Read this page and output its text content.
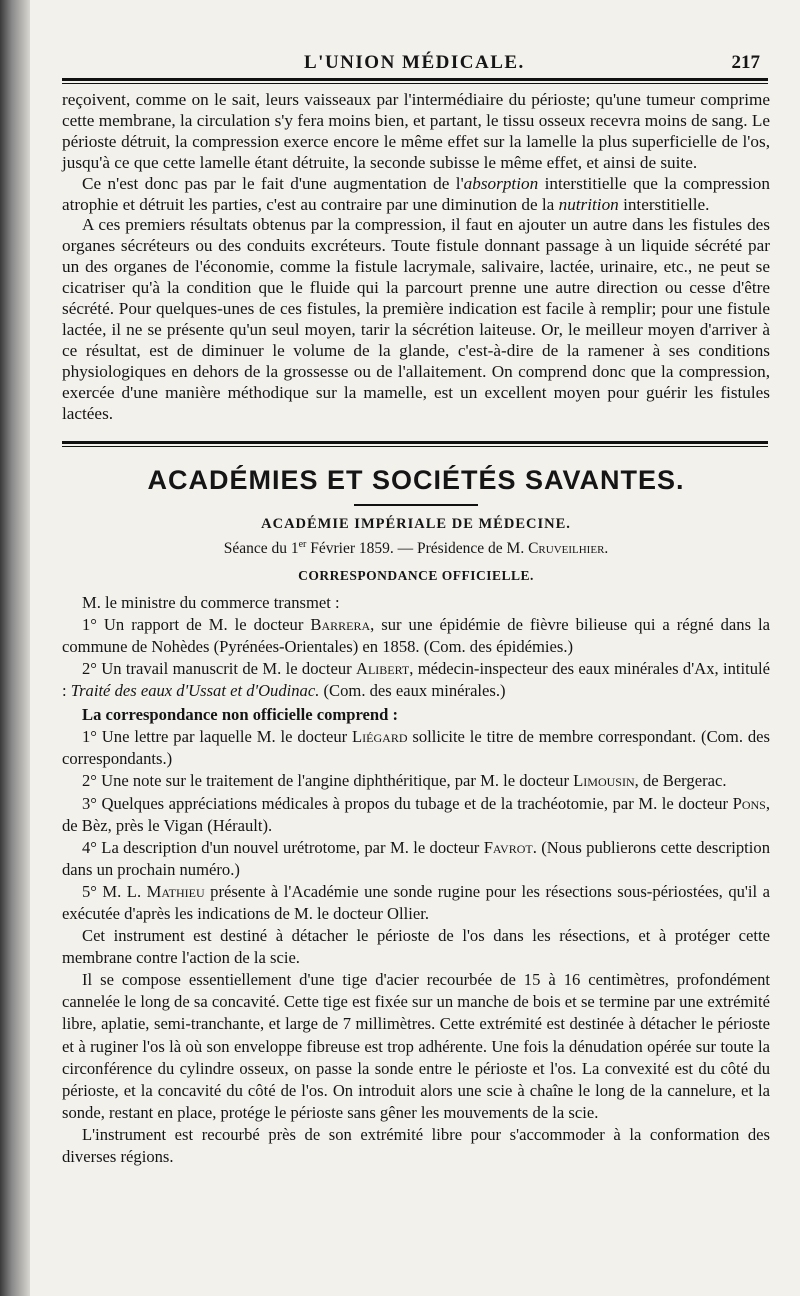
L'UNION MÉDICALE.	217

reçoivent, comme on le sait, leurs vaisseaux par l'intermédiaire du périoste; qu'une tumeur comprime cette membrane, la circulation s'y fera moins bien, et partant, le tissu osseux recevra moins de sang. Le périoste détruit, la compression exerce encore le même effet sur la lamelle la plus superficielle de l'os, jusqu'à ce que cette lamelle étant détruite, la seconde subisse le même effet, et ainsi de suite.

Ce n'est donc pas par le fait d'une augmentation de l'absorption interstitielle que la compression atrophie et détruit les parties, c'est au contraire par une diminution de la nutrition interstitielle.

A ces premiers résultats obtenus par la compression, il faut en ajouter un autre dans les fistules des organes sécréteurs ou des conduits excréteurs. Toute fistule donnant passage à un liquide sécrété par un des organes de l'économie, comme la fistule lacrymale, salivaire, lactée, urinaire, etc., ne peut se cicatriser qu'à la condition que le fluide qui la parcourt prenne une autre direction ou cesse d'être sécrété. Pour quelques-unes de ces fistules, la première indication est facile à remplir; pour une fistule lactée, il ne se présente qu'un seul moyen, tarir la sécrétion laiteuse. Or, le meilleur moyen d'arriver à ce résultat, est de diminuer le volume de la glande, c'est-à-dire de la ramener à ses conditions physiologiques en dehors de la grossesse ou de l'allaitement. On comprend donc que la compression, exercée d'une manière méthodique sur la mamelle, est un excellent moyen pour guérir les fistules lactées.

ACADÉMIES ET SOCIÉTÉS SAVANTES.
ACADÉMIE IMPÉRIALE DE MÉDECINE.
Séance du 1er Février 1859. — Présidence de M. Cruveilhier.
CORRESPONDANCE OFFICIELLE.

M. le ministre du commerce transmet :

1° Un rapport de M. le docteur Barrera, sur une épidémie de fièvre bilieuse qui a régné dans la commune de Nohèdes (Pyrénées-Orientales) en 1858. (Com. des épidémies.)

2° Un travail manuscrit de M. le docteur Alibert, médecin-inspecteur des eaux minérales d'Ax, intitulé : Traité des eaux d'Ussat et d'Oudinac. (Com. des eaux minérales.)

La correspondance non officielle comprend :

1° Une lettre par laquelle M. le docteur Liégard sollicite le titre de membre correspondant. (Com. des correspondants.)

2° Une note sur le traitement de l'angine diphthéritique, par M. le docteur Limousin, de Bergerac.

3° Quelques appréciations médicales à propos du tubage et de la trachéotomie, par M. le docteur Pons, de Bèz, près le Vigan (Hérault).

4° La description d'un nouvel urétrotome, par M. le docteur Favrot. (Nous publierons cette description dans un prochain numéro.)

5° M. L. Mathieu présente à l'Académie une sonde rugine pour les résections sous-périostées, qu'il a exécutée d'après les indications de M. le docteur Ollier.

Cet instrument est destiné à détacher le périoste de l'os dans les résections, et à protéger cette membrane contre l'action de la scie.

Il se compose essentiellement d'une tige d'acier recourbée de 15 à 16 centimètres, profondément cannelée le long de sa concavité. Cette tige est fixée sur un manche de bois et se termine par une extrémité libre, aplatie, semi-tranchante, et large de 7 millimètres. Cette extrémité est destinée à détacher le périoste et à ruginer l'os là où son enveloppe fibreuse est trop adhérente. Une fois la dénudation opérée sur toute la circonférence du cylindre osseux, on passe la sonde entre le périoste et l'os. La convexité est du côté du périoste, et la concavité du côté de l'os. On introduit alors une scie à chaîne le long de la cannelure, et la sonde, restant en place, protége le périoste sans gêner les mouvements de la scie.

L'instrument est recourbé près de son extrémité libre pour s'accommoder à la conformation des diverses régions.
